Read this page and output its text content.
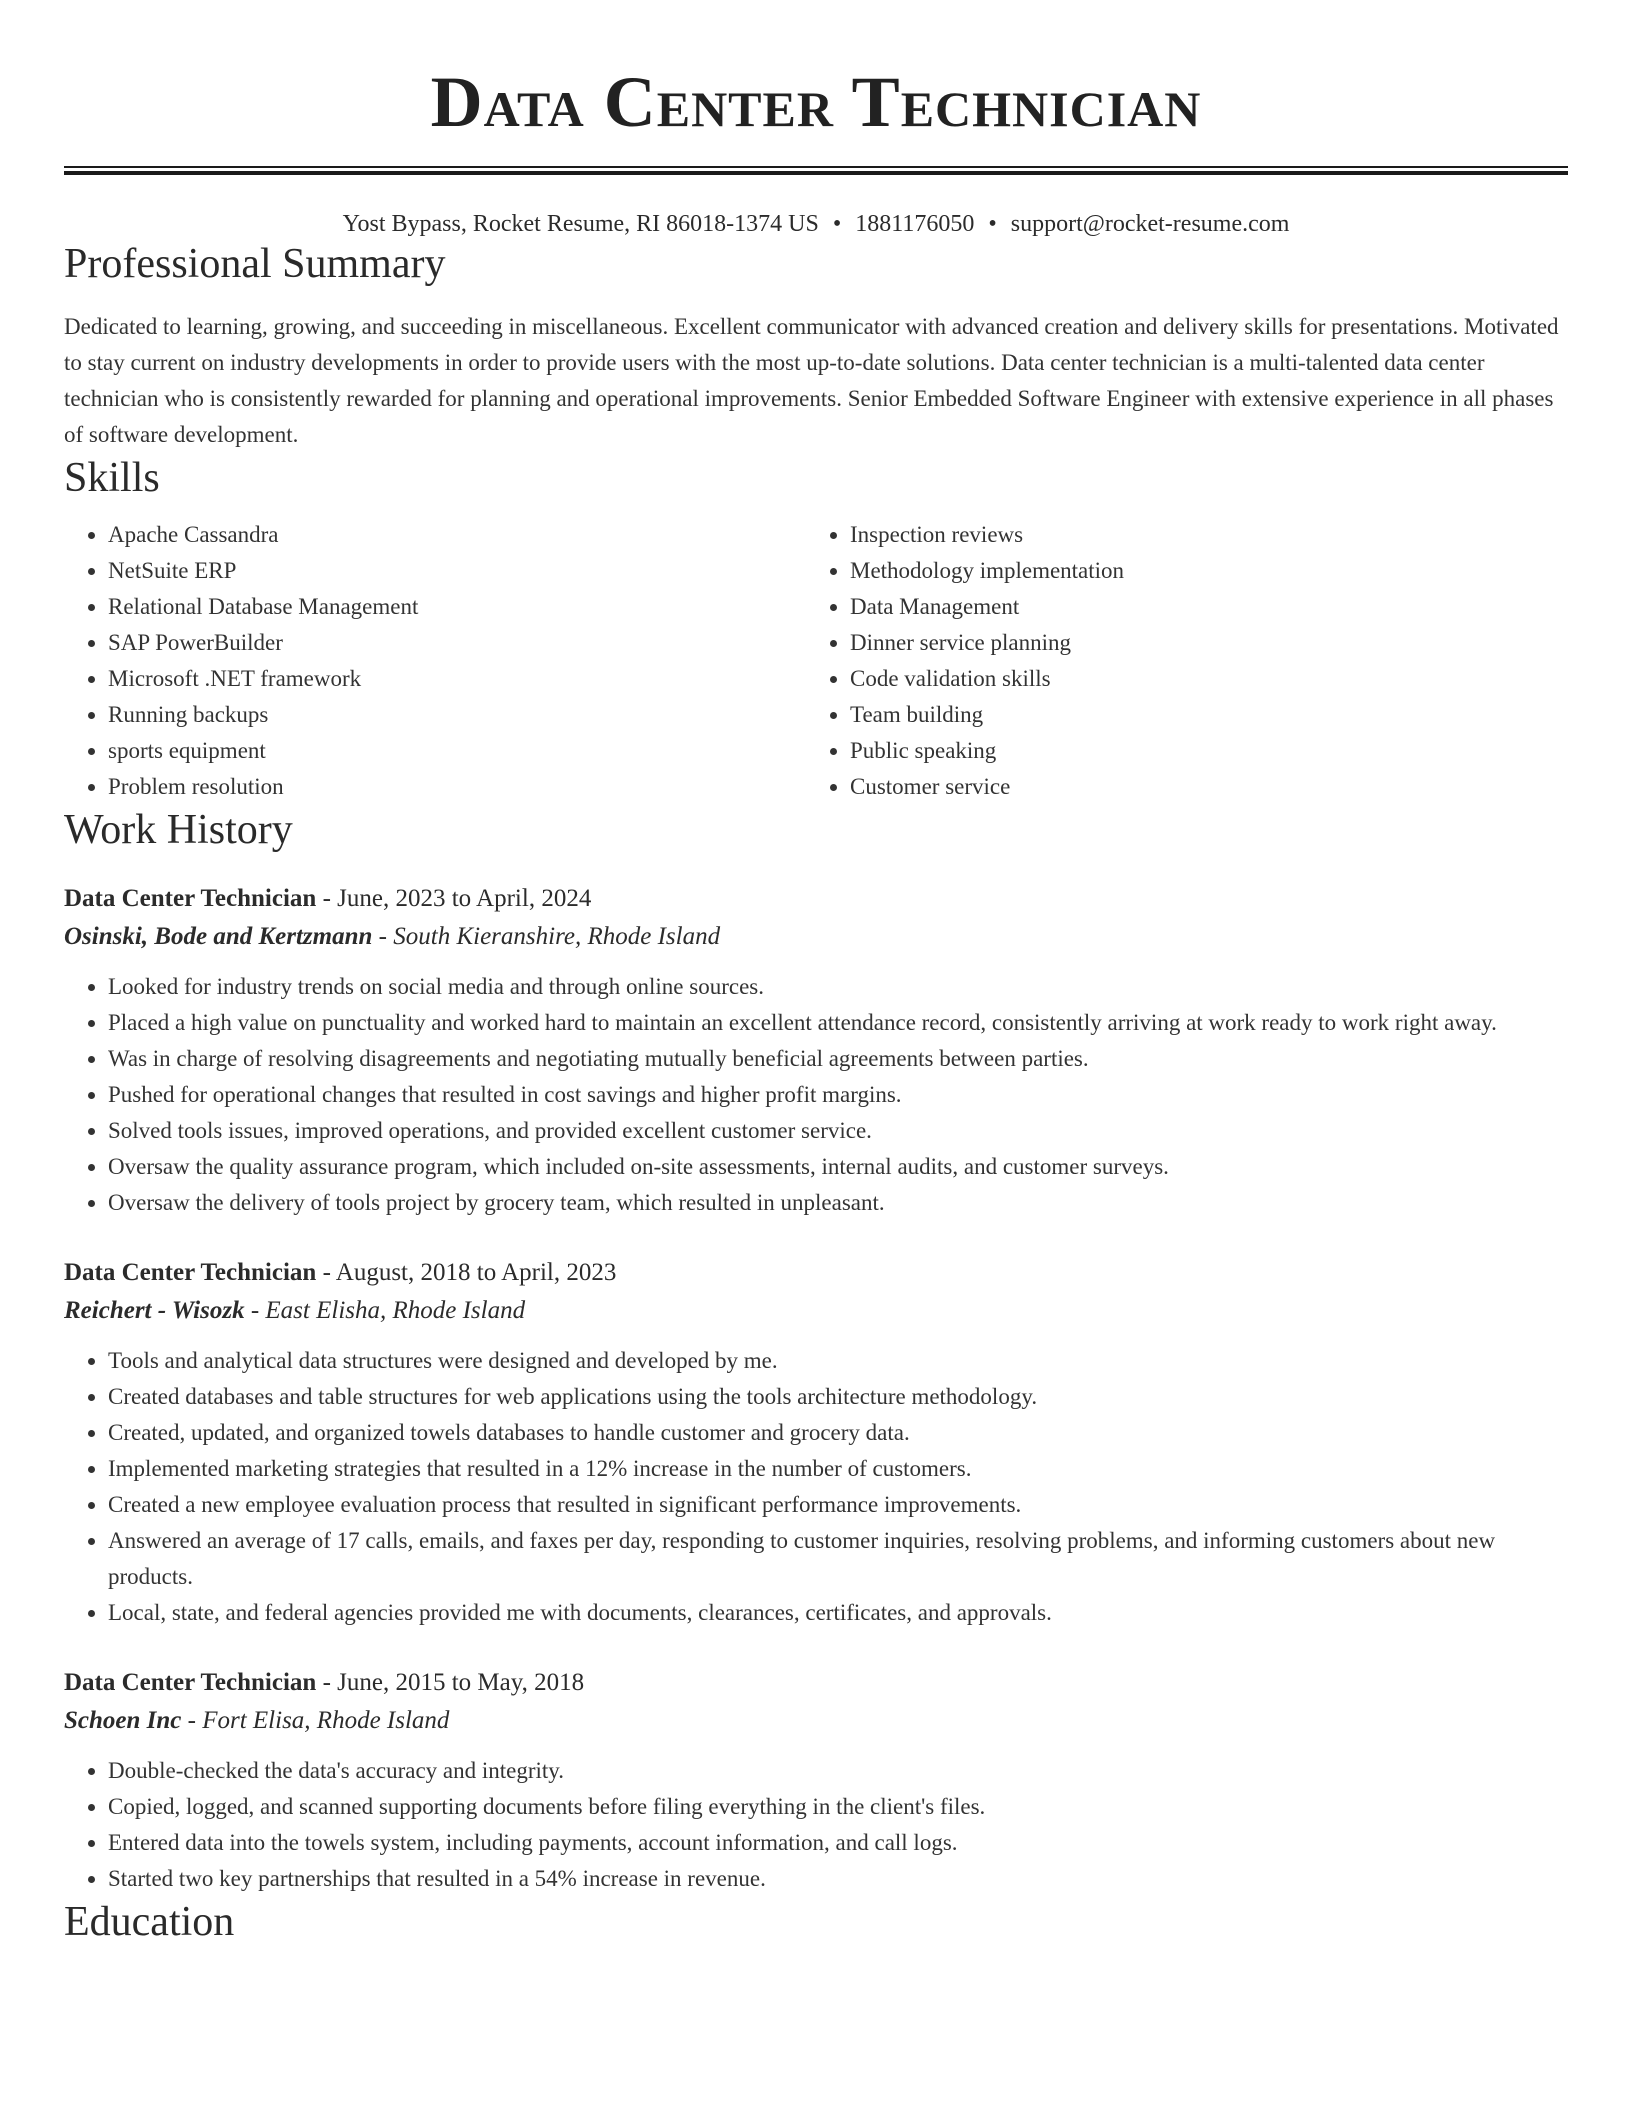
Data Center Technician
Yost Bypass, Rocket Resume, RI 86018-1374 US • 1881176050 • support@rocket-resume.com
Professional Summary

Dedicated to learning, growing, and succeeding in miscellaneous. Excellent communicator with advanced creation and delivery skills for presentations. Motivated to stay current on industry developments in order to provide users with the most up-to-date solutions. Data center technician is a multi-talented data center technician who is consistently rewarded for planning and operational improvements. Senior Embedded Software Engineer with extensive experience in all phases of software development.

Skills
• Apache Cassandra
• NetSuite ERP
• Relational Database Management
• SAP PowerBuilder
• Microsoft .NET framework
• Running backups
• sports equipment
• Problem resolution
• Inspection reviews
• Methodology implementation
• Data Management
• Dinner service planning
• Code validation skills
• Team building
• Public speaking
• Customer service
Work History
Data Center Technician - June, 2023 to April, 2024
Osinski, Bode and Kertzmann - South Kieranshire, Rhode Island
• Looked for industry trends on social media and through online sources.
• Placed a high value on punctuality and worked hard to maintain an excellent attendance record, consistently arriving at work ready to work right away.
• Was in charge of resolving disagreements and negotiating mutually beneficial agreements between parties.
• Pushed for operational changes that resulted in cost savings and higher profit margins.
• Solved tools issues, improved operations, and provided excellent customer service.
• Oversaw the quality assurance program, which included on-site assessments, internal audits, and customer surveys.
• Oversaw the delivery of tools project by grocery team, which resulted in unpleasant.
Data Center Technician - August, 2018 to April, 2023
Reichert - Wisozk - East Elisha, Rhode Island
• Tools and analytical data structures were designed and developed by me.
• Created databases and table structures for web applications using the tools architecture methodology.
• Created, updated, and organized towels databases to handle customer and grocery data.
• Implemented marketing strategies that resulted in a 12% increase in the number of customers.
• Created a new employee evaluation process that resulted in significant performance improvements.
• Answered an average of 17 calls, emails, and faxes per day, responding to customer inquiries, resolving problems, and informing customers about new products.
• Local, state, and federal agencies provided me with documents, clearances, certificates, and approvals.
Data Center Technician - June, 2015 to May, 2018
Schoen Inc - Fort Elisa, Rhode Island
• Double-checked the data's accuracy and integrity.
• Copied, logged, and scanned supporting documents before filing everything in the client's files.
• Entered data into the towels system, including payments, account information, and call logs.
• Started two key partnerships that resulted in a 54% increase in revenue.
Education
